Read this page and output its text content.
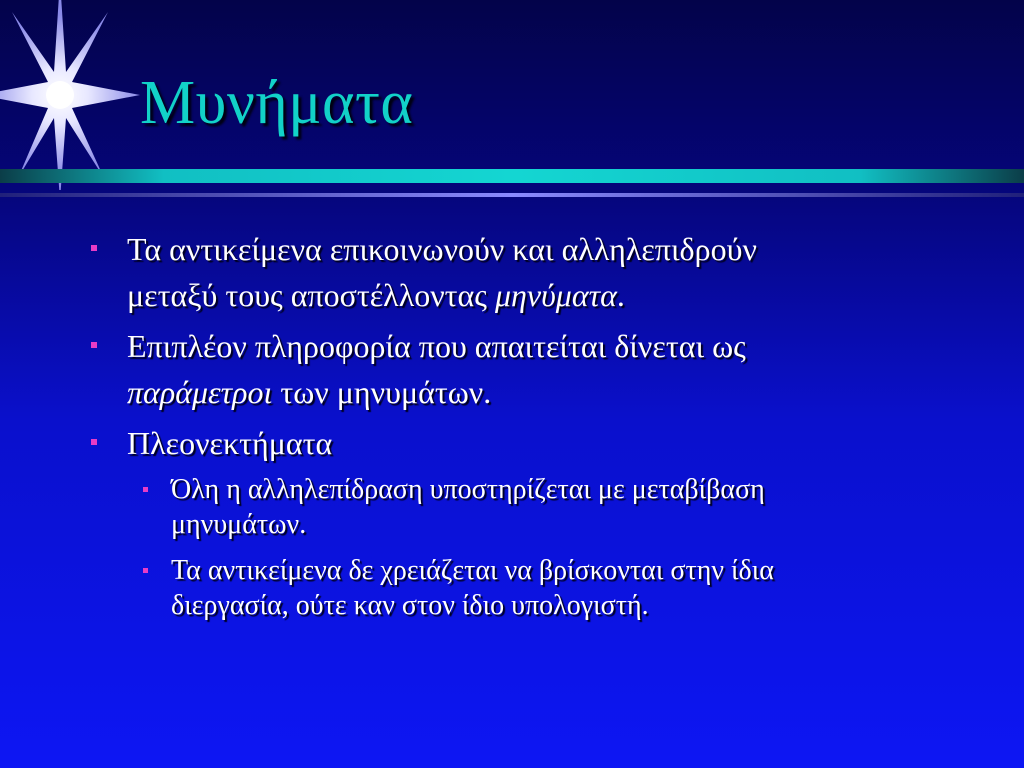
Μυνήματα
Τα αντικείμενα επικοινωνούν και αλληλεπιδρούν
μεταξύ τους αποστέλλοντας μηνύματα.
Επιπλέον πληροφορία που απαιτείται δίνεται ως
παράμετροι των μηνυμάτων.
Πλεονεκτήματα
Όλη η αλληλεπίδραση υποστηρίζεται με μεταβίβαση
μηνυμάτων.
Τα αντικείμενα δε χρειάζεται να βρίσκονται στην ίδια
διεργασία, ούτε καν στον ίδιο υπολογιστή.
